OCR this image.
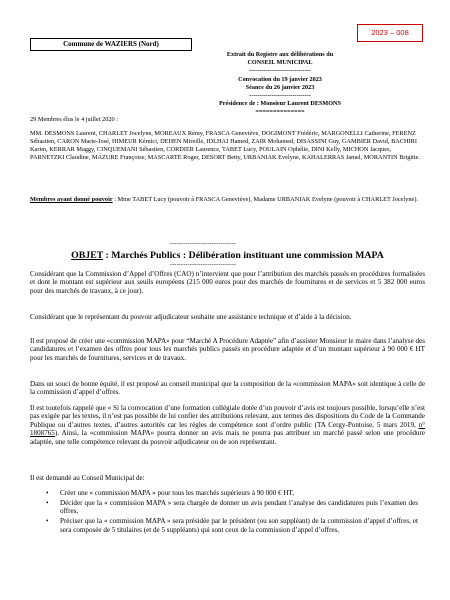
Commune de WAZIERS (Nord)
2023 – 008
Extrait du Registre aux délibérations du
CONSEIL MUNICIPAL
------------------------------
Convocation du 19 janvier 2023
Séance du 26 janvier 2023
------------------------------
Présidence de : Monsieur Laurent DESMONS
==============
29 Membres élus le 4 juillet 2020 :
MM. DESMONS Laurent, CHARLET Jocelyne, MOREAUX Rémy, FRASCA Geneviève, DOGIMONT Frédéric, MARGONELLI Catherine, FERENZ Sébastien, CARON Marie-José, HIMEUR Kémici, DEHEN Mireille, IDLHAJ Hamed, ZAIR Mohamed, DISASSINI Guy, GAMBIER David, BACHIRI Karim, KERRAR Maggy, CINQUEMANI Sébastien, CORDIER Laurence, TABET Lucy, POULAIN Ophélie, DINI Kelly, MICHON Jacques, PARNETZKI Claudine, MAZURE Françoise, MASCARTE Roger, DESORT Betty, URBANIAK Evelyne, KAHALERRAS Jamel, MORANTIN Brigitte.
Membres ayant donné pouvoir : Mme TABET Lucy (pouvoir à FRASCA Geneviève), Madame URBANIAK Evelyne (pouvoir à CHARLET Jocelyne).
------------------------------
OBJET : Marchés Publics : Délibération instituant une commission MAPA
------------------------------
Considérant que la Commission d’Appel d’Offres (CAO) n’intervient que pour l’attribution des marchés passés en procédures formalisées et dont le montant est supérieur aux seuils européens (215 000 euros pour des marchés de fournitures et de services et 5 382 000 euros pour des marchés de travaux, à ce jour).
Considérant que le représentant du pouvoir adjudicateur souhaite une assistance technique et d’aide à la décision.
Il est proposé de créer une «commission MAPA» pour “Marché A Procédure Adaptée” afin d’assister Monsieur le maire dans l’analyse des candidatures et l’examen des offres pour tous les marchés publics passés en procédure adaptée et d’un montant supérieur à 90 000 € HT pour les marchés de fournitures, services et de travaux.
Dans un souci de bonne équité, il est proposé au conseil municipal que la composition de la «commission MAPA» soit identique à celle de la commission d’appel d’offres.
Il est toutefois rappelé que « Si la convocation d’une formation collégiale dotée d’un pouvoir d’avis est toujours possible, lorsqu’elle n’est pas exigée par les textes, il n’est pas possible de lui confier des attributions relevant, aux termes des dispositions du Code de la Commande Publique ou d’autres textes, d’autres autorités car les règles de compétence sont d’ordre public (TA Cergy-Pontoise, 5 mars 2019, n° 1808765). Ainsi, la «commission MAPA» pourra donner un avis mais ne pourra pas attribuer un marché passé selon une procédure adaptée, une telle compétence relevant du pouvoir adjudicateur ou de son représentant.
Il est demandé au Conseil Municipal de:
• Créer une « commission MAPA » pour tous les marchés supérieurs à 90 000 € HT,
• Décider que la « commission MAPA » sera chargée de donner un avis pendant l’analyse des candidatures puis l’examen des offres,
• Préciser que la « commission MAPA » sera présidée par le président (ou son suppléant) de la commission d’appel d’offres, et sera composée de 5 titulaires (et de 5 suppléants) qui sont ceux de la commission d’appel d’offres,
